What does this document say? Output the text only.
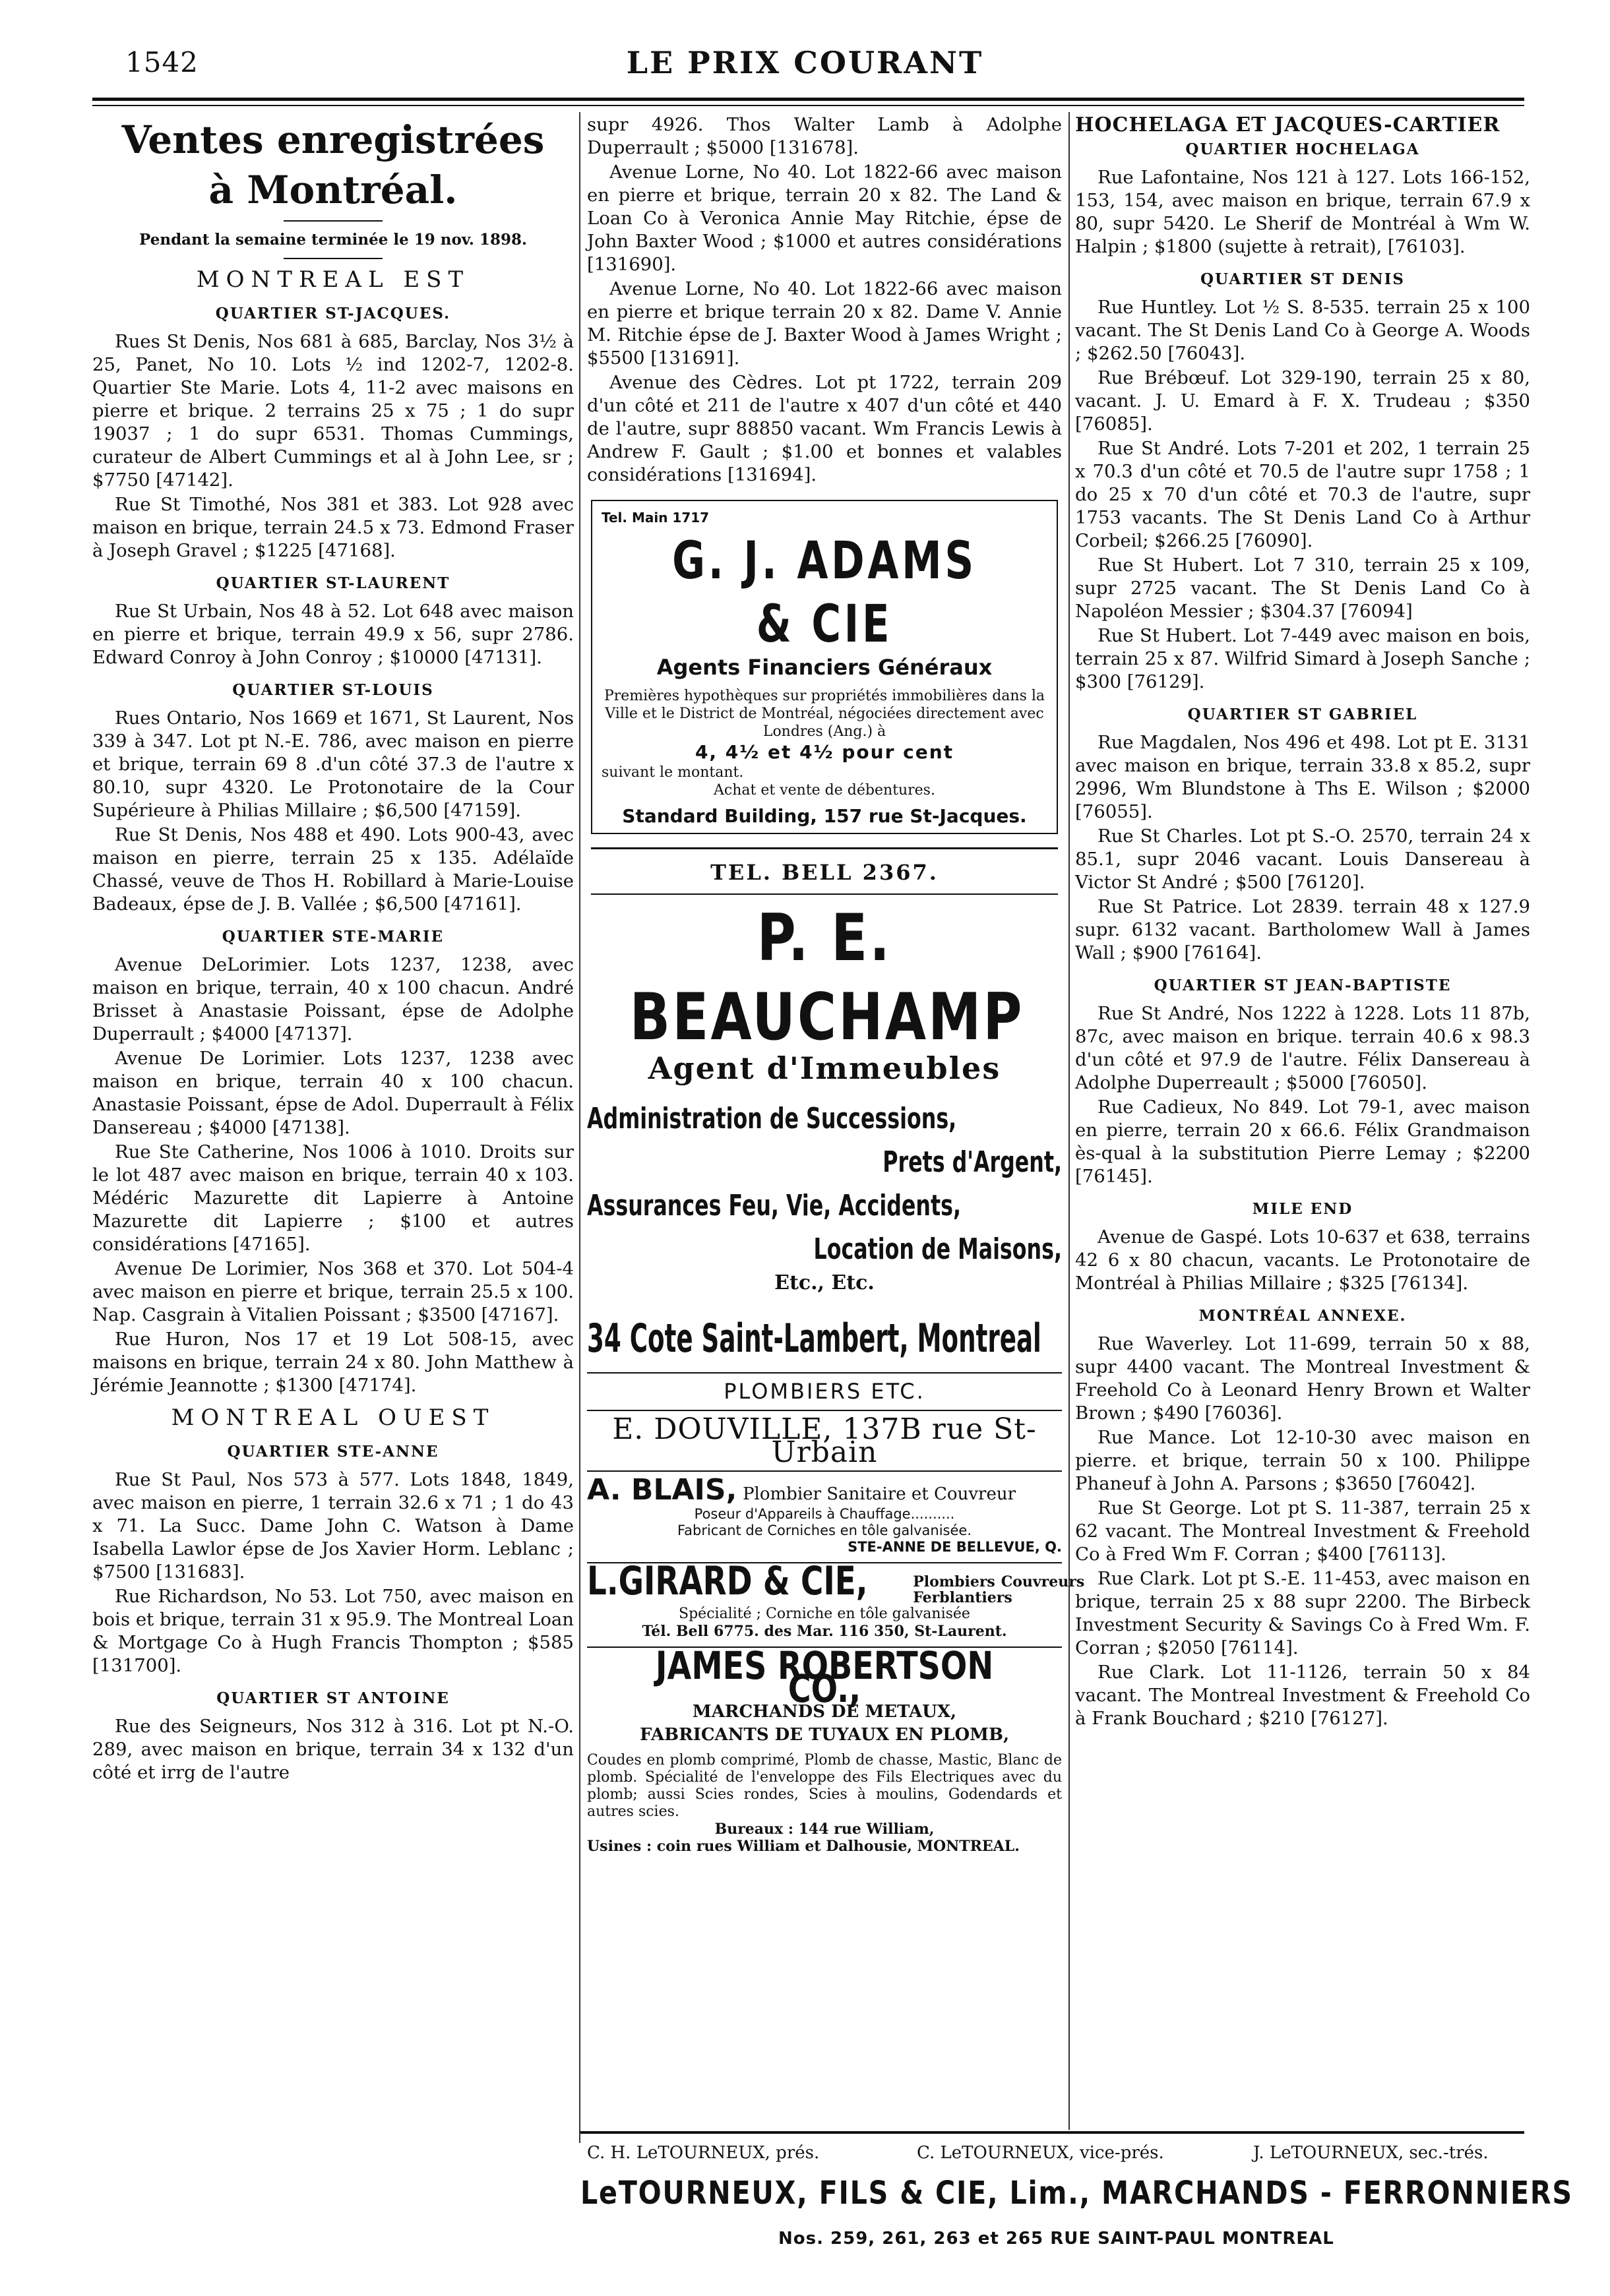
1542	LE PRIX COURANT
Ventes enregistrées
à Montréal.
Pendant la semaine terminée le 19 nov. 1898.
MONTREAL EST
QUARTIER ST-JACQUES.

Rues St Denis, Nos 681 à 685, Barclay, Nos 3½ à 25, Panet, No 10. Lots ½ ind 1202-7, 1202-8. Quartier Ste Marie. Lots 4, 11-2 avec maisons en pierre et brique. 2 terrains 25 x 75 ; 1 do supr 19037 ; 1 do supr 6531. Thomas Cummings, curateur de Albert Cummings et al à John Lee, sr ; $7750 [47142].

Rue St Timothé, Nos 381 et 383. Lot 928 avec maison en brique, terrain 24.5 x 73. Edmond Fraser à Joseph Gravel ; $1225 [47168].

QUARTIER ST-LAURENT

Rue St Urbain, Nos 48 à 52. Lot 648 avec maison en pierre et brique, terrain 49.9 x 56, supr 2786. Edward Conroy à John Conroy ; $10000 [47131].

QUARTIER ST-LOUIS

Rues Ontario, Nos 1669 et 1671, St Laurent, Nos 339 à 347. Lot pt N.-E. 786, avec maison en pierre et brique, terrain 69 8 .d'un côté 37.3 de l'autre x 80.10, supr 4320. Le Protonotaire de la Cour Supérieure à Philias Millaire ; $6,500 [47159].

Rue St Denis, Nos 488 et 490. Lots 900-43, avec maison en pierre, terrain 25 x 135. Adélaïde Chassé, veuve de Thos H. Robillard à Marie-Louise Badeaux, épse de J. B. Vallée ; $6,500 [47161].

QUARTIER STE-MARIE

Avenue DeLorimier. Lots 1237, 1238, avec maison en brique, terrain, 40 x 100 chacun. André Brisset à Anastasie Poissant, épse de Adolphe Duperrault ; $4000 [47137].

Avenue De Lorimier. Lots 1237, 1238 avec maison en brique, terrain 40 x 100 chacun. Anastasie Poissant, épse de Adol. Duperrault à Félix Dansereau ; $4000 [47138].

Rue Ste Catherine, Nos 1006 à 1010. Droits sur le lot 487 avec maison en brique, terrain 40 x 103. Médéric Mazurette dit Lapierre à Antoine Mazurette dit Lapierre ; $100 et autres considérations [47165].

Avenue De Lorimier, Nos 368 et 370. Lot 504-4 avec maison en pierre et brique, terrain 25.5 x 100. Nap. Casgrain à Vitalien Poissant ; $3500 [47167].

Rue Huron, Nos 17 et 19 Lot 508-15, avec maisons en brique, terrain 24 x 80. John Matthew à Jérémie Jeannotte ; $1300 [47174].

MONTREAL OUEST
QUARTIER STE-ANNE

Rue St Paul, Nos 573 à 577. Lots 1848, 1849, avec maison en pierre, 1 terrain 32.6 x 71 ; 1 do 43 x 71. La Succ. Dame John C. Watson à Dame Isabella Lawlor épse de Jos Xavier Horm. Leblanc ; $7500 [131683].

Rue Richardson, No 53. Lot 750, avec maison en bois et brique, terrain 31 x 95.9. The Montreal Loan & Mortgage Co à Hugh Francis Thompton ; $585 [131700].

QUARTIER ST ANTOINE

Rue des Seigneurs, Nos 312 à 316. Lot pt N.-O. 289, avec maison en brique, terrain 34 x 132 d'un côté et irrg de l'autre

supr 4926. Thos Walter Lamb à Adolphe Duperrault ; $5000 [131678].

Avenue Lorne, No 40. Lot 1822-66 avec maison en pierre et brique, terrain 20 x 82. The Land & Loan Co à Veronica Annie May Ritchie, épse de John Baxter Wood ; $1000 et autres considérations [131690].

Avenue Lorne, No 40. Lot 1822-66 avec maison en pierre et brique terrain 20 x 82. Dame V. Annie M. Ritchie épse de J. Baxter Wood à James Wright ; $5500 [131691].

Avenue des Cèdres. Lot pt 1722, terrain 209 d'un côté et 211 de l'autre x 407 d'un côté et 440 de l'autre, supr 88850 vacant. Wm Francis Lewis à Andrew F. Gault ; $1.00 et bonnes et valables considérations [131694].

Tel. Main 1717
G. J. ADAMS & CIE
Agents Financiers Généraux
Premières hypothèques sur propriétés immobilières dans la Ville et le District de Montréal, négociées directement avec Londres (Ang.) à
4, 4½ et 4½ pour cent
suivant le montant.
Achat et vente de débentures.
Standard Building, 157 rue St-Jacques.
TEL. BELL 2367.
P. E. BEAUCHAMP
Agent d'Immeubles
Administration de Successions,
Prets d'Argent,
Assurances Feu, Vie, Accidents,
Location de Maisons,
Etc., Etc.
34 Cote Saint-Lambert, Montreal
PLOMBIERS ETC.
E. DOUVILLE, 137B rue St-Urbain
A. BLAIS, Plombier Sanitaire et Couvreur
Poseur d'Appareils à Chauffage..........
Fabricant de Corniches en tôle galvanisée.
STE-ANNE DE BELLEVUE, Q.
L.GIRARD & CIE,	Plombiers Couvreurs Ferblantiers
Spécialité ; Corniche en tôle galvanisée
Tél. Bell 6775. des Mar. 116 350, St-Laurent.
JAMES ROBERTSON CO.,
MARCHANDS DE METAUX,
FABRICANTS DE TUYAUX EN PLOMB,
Coudes en plomb comprimé, Plomb de chasse, Mastic, Blanc de plomb. Spécialité de l'enveloppe des Fils Electriques avec du plomb; aussi Scies rondes, Scies à moulins, Godendards et autres scies.
Bureaux : 144 rue William,
Usines : coin rues William et Dalhousie, MONTREAL.
HOCHELAGA ET JACQUES-CARTIER
QUARTIER HOCHELAGA

Rue Lafontaine, Nos 121 à 127. Lots 166-152, 153, 154, avec maison en brique, terrain 67.9 x 80, supr 5420. Le Sherif de Montréal à Wm W. Halpin ; $1800 (sujette à retrait), [76103].

QUARTIER ST DENIS

Rue Huntley. Lot ½ S. 8-535. terrain 25 x 100 vacant. The St Denis Land Co à George A. Woods ; $262.50 [76043].

Rue Brébœuf. Lot 329-190, terrain 25 x 80, vacant. J. U. Emard à F. X. Trudeau ; $350 [76085].

Rue St André. Lots 7-201 et 202, 1 terrain 25 x 70.3 d'un côté et 70.5 de l'autre supr 1758 ; 1 do 25 x 70 d'un côté et 70.3 de l'autre, supr 1753 vacants. The St Denis Land Co à Arthur Corbeil; $266.25 [76090].

Rue St Hubert. Lot 7 310, terrain 25 x 109, supr 2725 vacant. The St Denis Land Co à Napoléon Messier ; $304.37 [76094]

Rue St Hubert. Lot 7-449 avec maison en bois, terrain 25 x 87. Wilfrid Simard à Joseph Sanche ; $300 [76129].

QUARTIER ST GABRIEL

Rue Magdalen, Nos 496 et 498. Lot pt E. 3131 avec maison en brique, terrain 33.8 x 85.2, supr 2996, Wm Blundstone à Ths E. Wilson ; $2000 [76055].

Rue St Charles. Lot pt S.-O. 2570, terrain 24 x 85.1, supr 2046 vacant. Louis Dansereau à Victor St André ; $500 [76120].

Rue St Patrice. Lot 2839. terrain 48 x 127.9 supr. 6132 vacant. Bartholomew Wall à James Wall ; $900 [76164].

QUARTIER ST JEAN-BAPTISTE

Rue St André, Nos 1222 à 1228. Lots 11 87b, 87c, avec maison en brique. terrain 40.6 x 98.3 d'un côté et 97.9 de l'autre. Félix Dansereau à Adolphe Duperreault ; $5000 [76050].

Rue Cadieux, No 849. Lot 79-1, avec maison en pierre, terrain 20 x 66.6. Félix Grandmaison ès-qual à la substitution Pierre Lemay ; $2200 [76145].

MILE END

Avenue de Gaspé. Lots 10-637 et 638, terrains 42 6 x 80 chacun, vacants. Le Protonotaire de Montréal à Philias Millaire ; $325 [76134].

MONTRÉAL ANNEXE.

Rue Waverley. Lot 11-699, terrain 50 x 88, supr 4400 vacant. The Montreal Investment & Freehold Co à Leonard Henry Brown et Walter Brown ; $490 [76036].

Rue Mance. Lot 12-10-30 avec maison en pierre. et brique, terrain 50 x 100. Philippe Phaneuf à John A. Parsons ; $3650 [76042].

Rue St George. Lot pt S. 11-387, terrain 25 x 62 vacant. The Montreal Investment & Freehold Co à Fred Wm F. Corran ; $400 [76113].

Rue Clark. Lot pt S.-E. 11-453, avec maison en brique, terrain 25 x 88 supr 2200. The Birbeck Investment Security & Savings Co à Fred Wm. F. Corran ; $2050 [76114].

Rue Clark. Lot 11-1126, terrain 50 x 84 vacant. The Montreal Investment & Freehold Co à Frank Bouchard ; $210 [76127].

C. H. LeTOURNEUX, prés.	C. LeTOURNEUX, vice-prés.	J. LeTOURNEUX, sec.-trés.
LeTOURNEUX, FILS & CIE, Lim., MARCHANDS - FERRONNIERS
Nos. 259, 261, 263 et 265 RUE SAINT-PAUL MONTREAL
